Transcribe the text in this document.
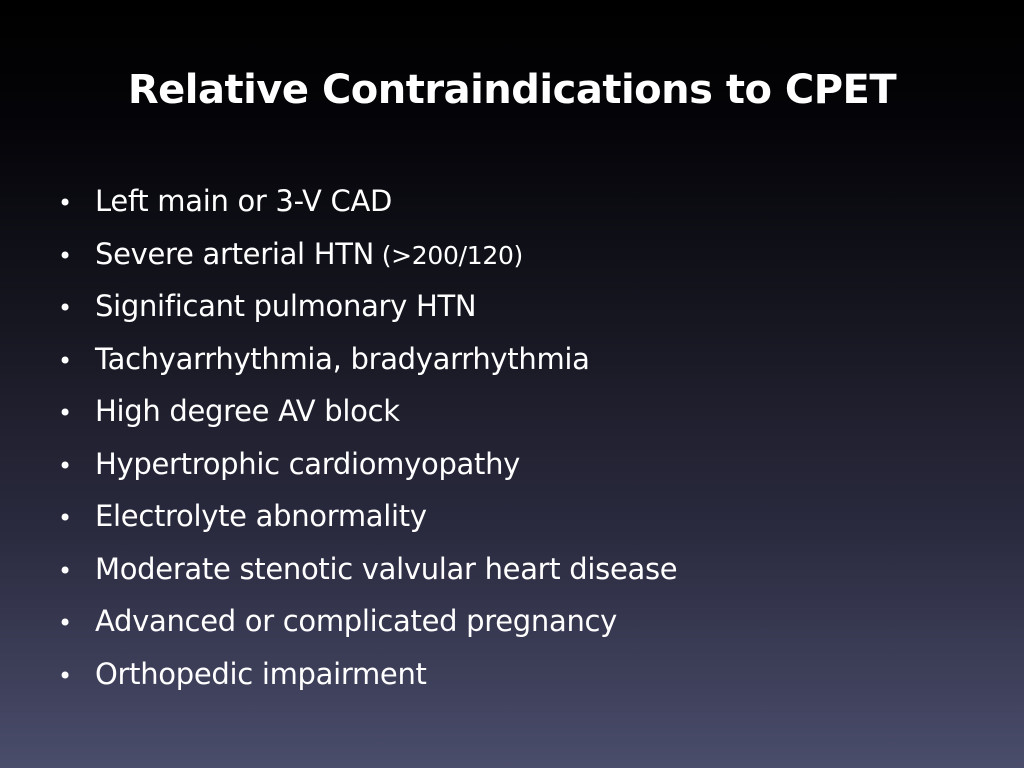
Relative Contraindications to CPET
• Left main or 3-V CAD
• Severe arterial HTN (>200/120)
• Significant pulmonary HTN
• Tachyarrhythmia, bradyarrhythmia
• High degree AV block
• Hypertrophic cardiomyopathy
• Electrolyte abnormality
• Moderate stenotic valvular heart disease
• Advanced or complicated pregnancy
• Orthopedic impairment
